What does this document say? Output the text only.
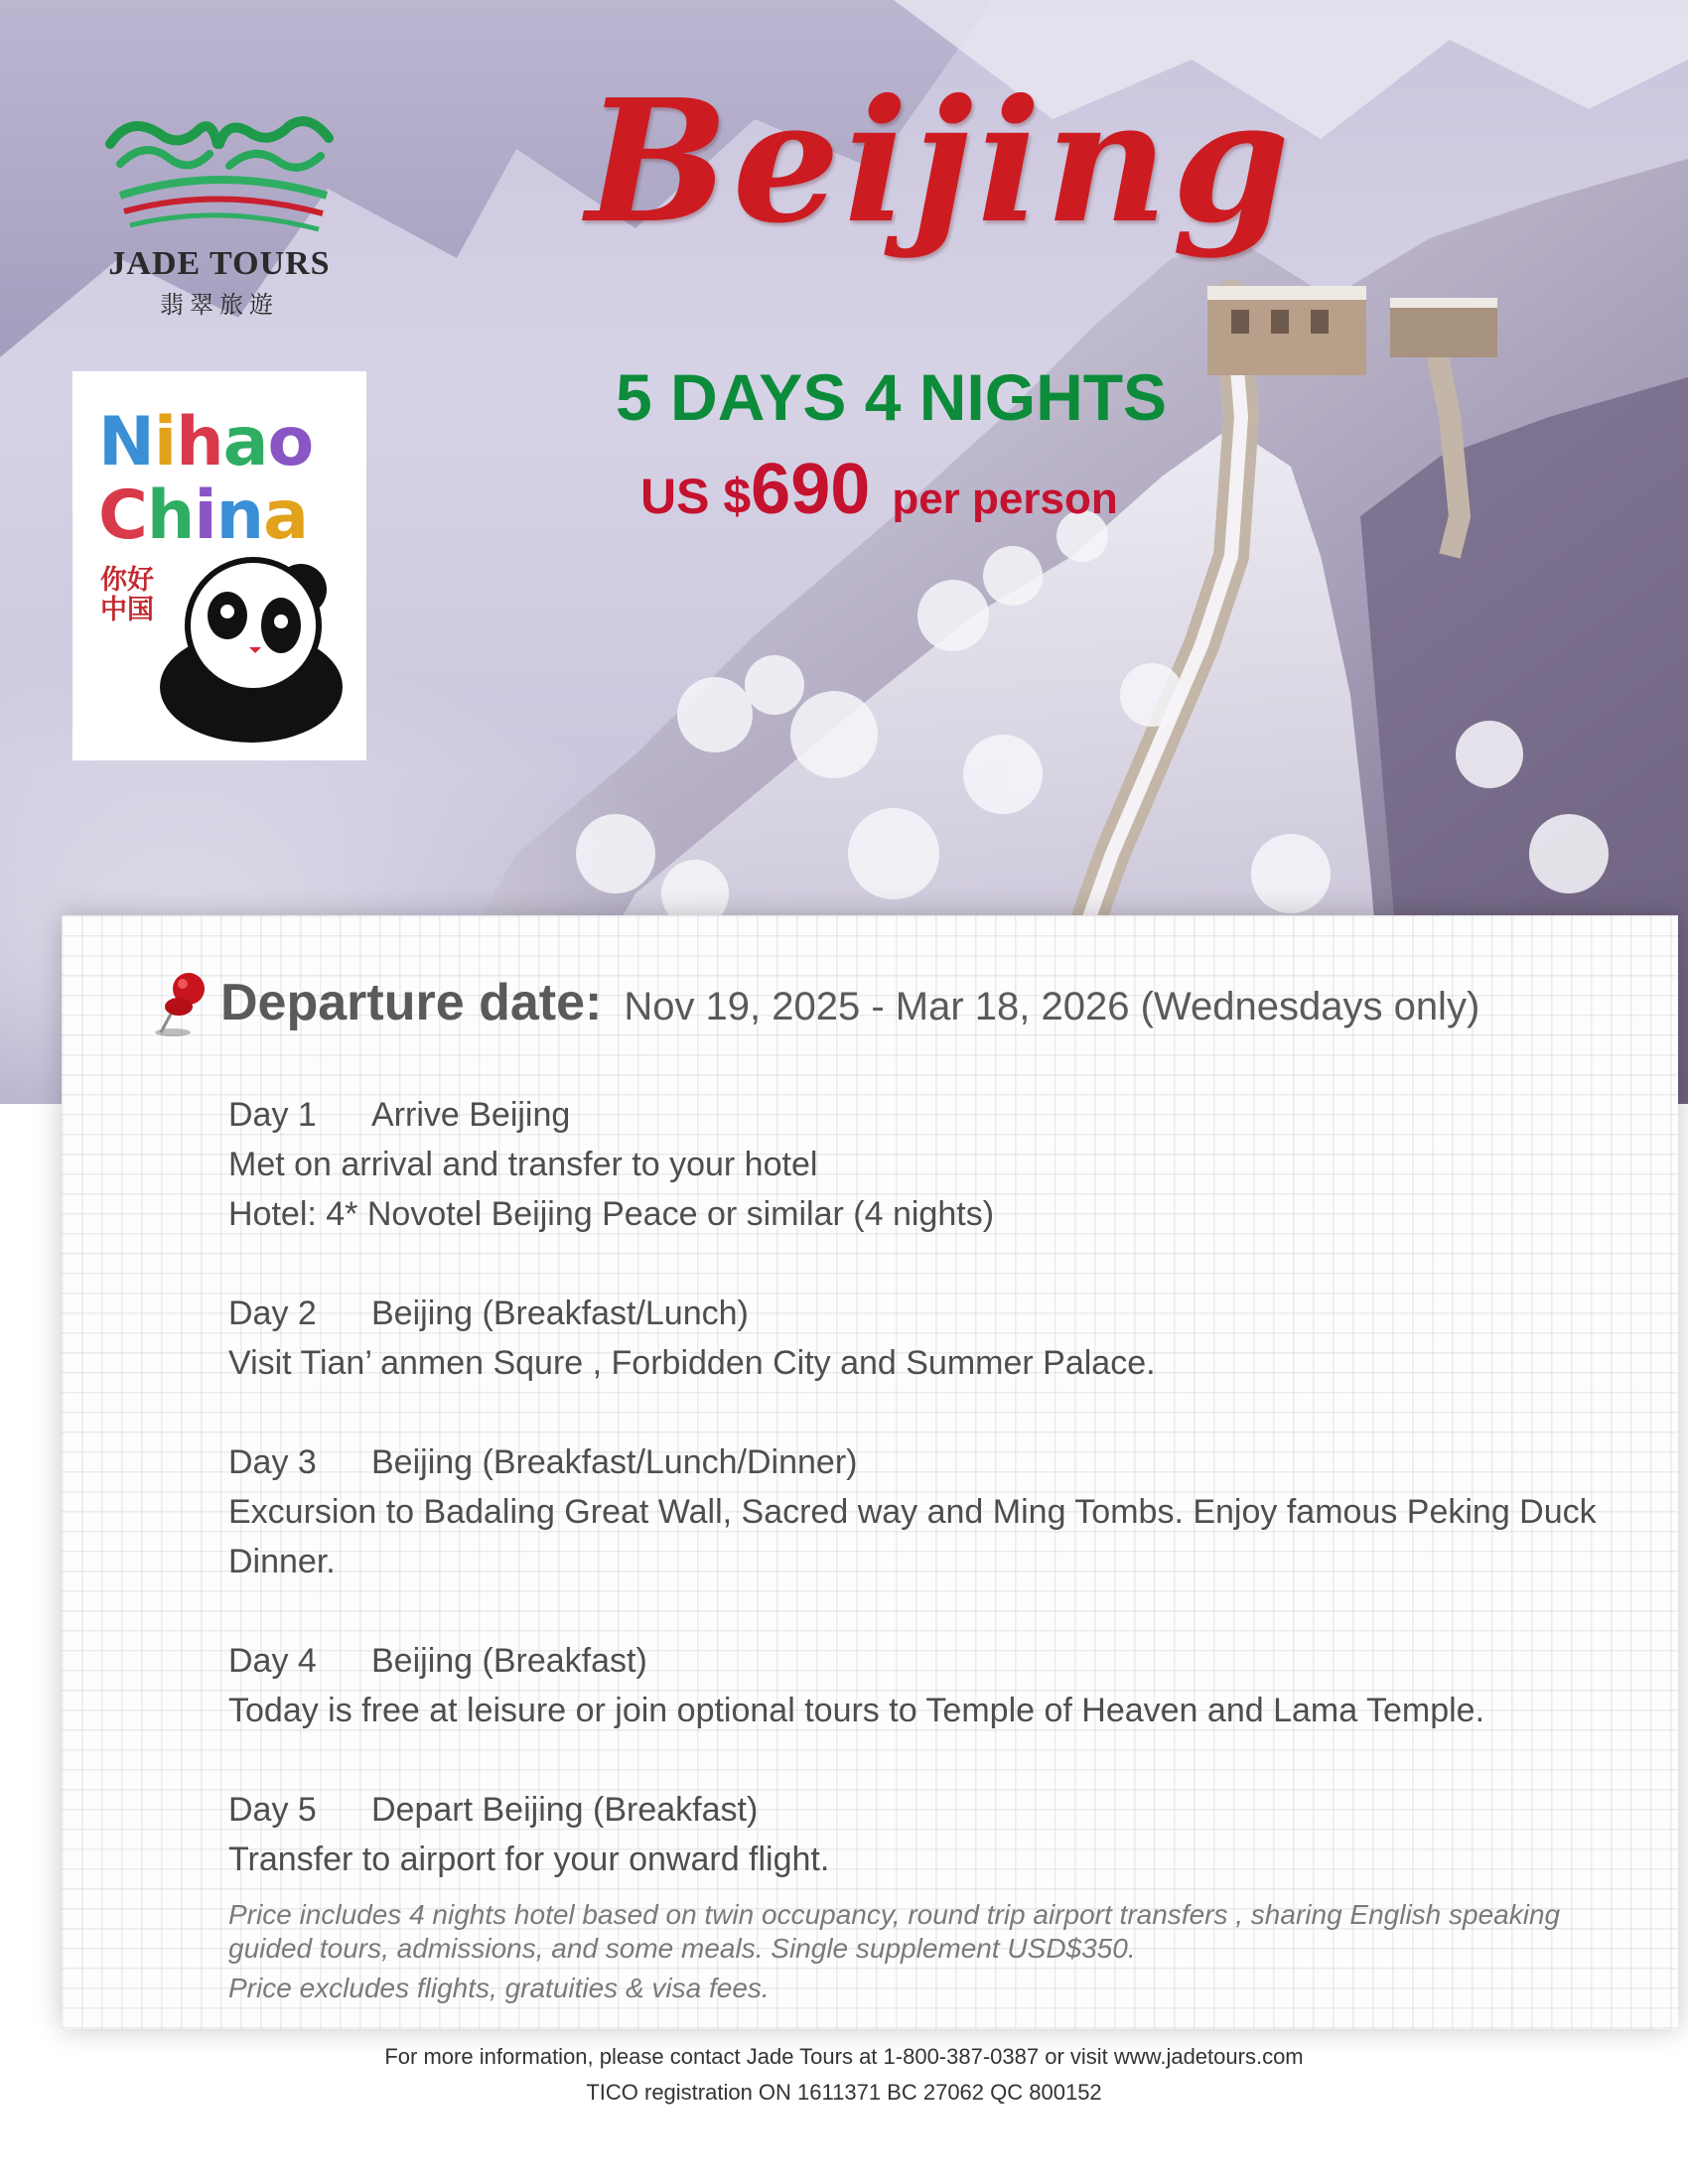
JADE TOURS
翡翠旅遊
Nihao
China
你好中国
Beijing
5 DAYS 4 NIGHTS
US $690 per person
Departure date: Nov 19, 2025 - Mar 18, 2026 (Wednesdays only)
Day 1 Arrive Beijing
Met on arrival and transfer to your hotel
Hotel: 4* Novotel Beijing Peace or similar (4 nights)
Day 2 Beijing (Breakfast/Lunch)
Visit Tian’ anmen Squre , Forbidden City and Summer Palace.
Day 3 Beijing (Breakfast/Lunch/Dinner)
Excursion to Badaling Great Wall, Sacred way and Ming Tombs. Enjoy famous Peking Duck Dinner.
Day 4 Beijing (Breakfast)
Today is free at leisure or join optional tours to Temple of Heaven and Lama Temple.
Day 5 Depart Beijing (Breakfast)
Transfer to airport for your onward flight.

Price includes 4 nights hotel based on twin occupancy, round trip airport transfers , sharing English speaking guided tours, admissions, and some meals. Single supplement USD$350.

Price excludes flights, gratuities & visa fees.

For more information, please contact Jade Tours at 1-800-387-0387 or visit www.jadetours.com
TICO registration ON 1611371 BC 27062 QC 800152
